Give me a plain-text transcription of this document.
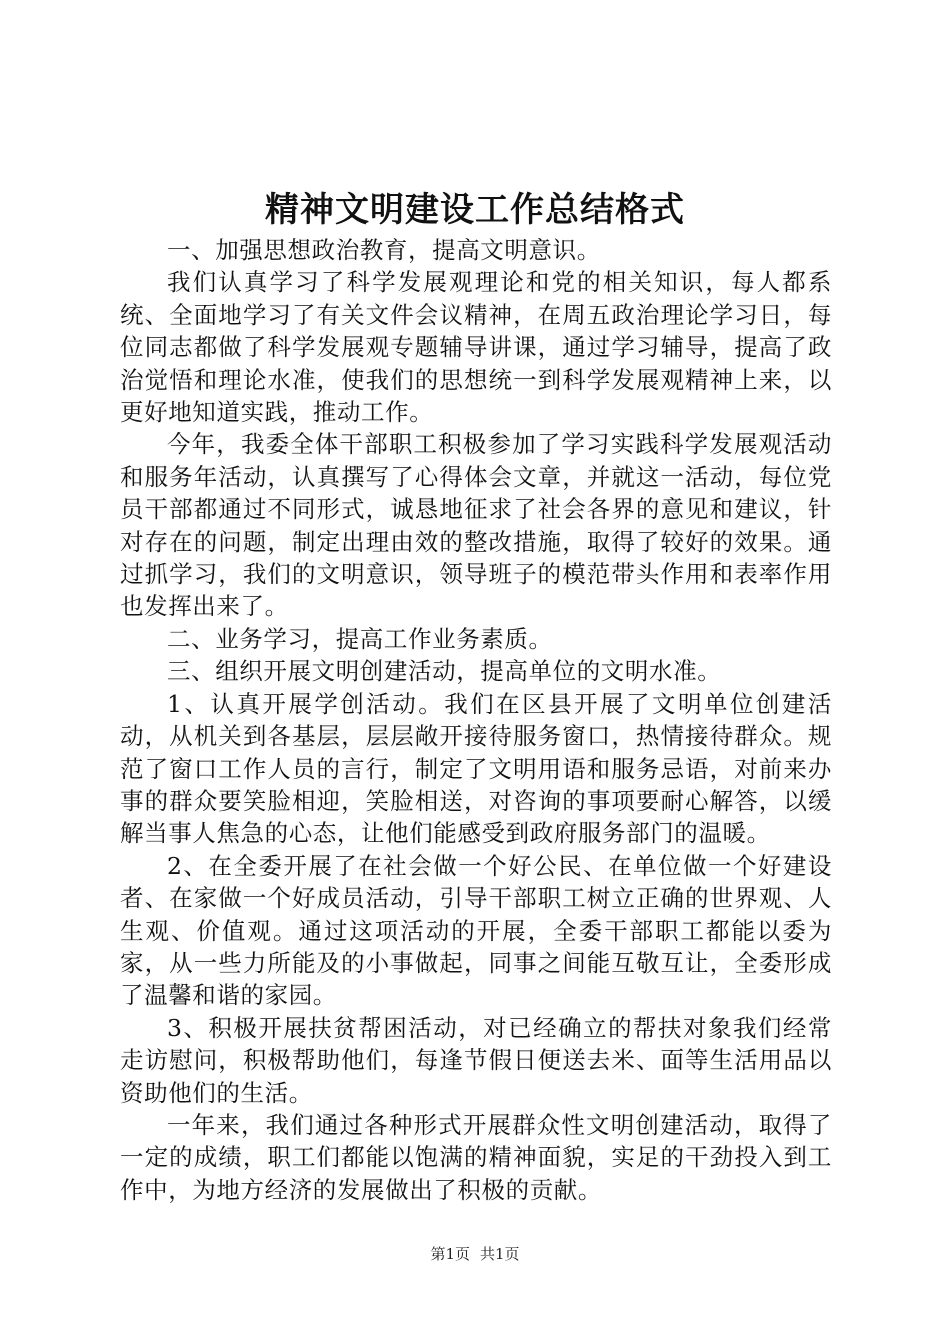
精神文明建设工作总结格式

一、加强思想政治教育，提高文明意识。

我们认真学习了科学发展观理论和党的相关知识，每人都系统、全面地学习了有关文件会议精神，在周五政治理论学习日，每位同志都做了科学发展观专题辅导讲课，通过学习辅导，提高了政治觉悟和理论水准，使我们的思想统一到科学发展观精神上来，以更好地知道实践，推动工作。

今年，我委全体干部职工积极参加了学习实践科学发展观活动和服务年活动，认真撰写了心得体会文章，并就这一活动，每位党员干部都通过不同形式，诚恳地征求了社会各界的意见和建议，针对存在的问题，制定出理由效的整改措施，取得了较好的效果。通过抓学习，我们的文明意识，领导班子的模范带头作用和表率作用也发挥出来了。

二、业务学习，提高工作业务素质。

三、组织开展文明创建活动，提高单位的文明水准。

1、认真开展学创活动。我们在区县开展了文明单位创建活动，从机关到各基层，层层敞开接待服务窗口，热情接待群众。规范了窗口工作人员的言行，制定了文明用语和服务忌语，对前来办事的群众要笑脸相迎，笑脸相送，对咨询的事项要耐心解答，以缓解当事人焦急的心态，让他们能感受到政府服务部门的温暖。

2、在全委开展了在社会做一个好公民、在单位做一个好建设者、在家做一个好成员活动，引导干部职工树立正确的世界观、人生观、价值观。通过这项活动的开展，全委干部职工都能以委为家，从一些力所能及的小事做起，同事之间能互敬互让，全委形成了温馨和谐的家园。

3、积极开展扶贫帮困活动，对已经确立的帮扶对象我们经常走访慰问，积极帮助他们，每逢节假日便送去米、面等生活用品以资助他们的生活。

一年来，我们通过各种形式开展群众性文明创建活动，取得了一定的成绩，职工们都能以饱满的精神面貌，实足的干劲投入到工作中，为地方经济的发展做出了积极的贡献。

第1页 共1页
